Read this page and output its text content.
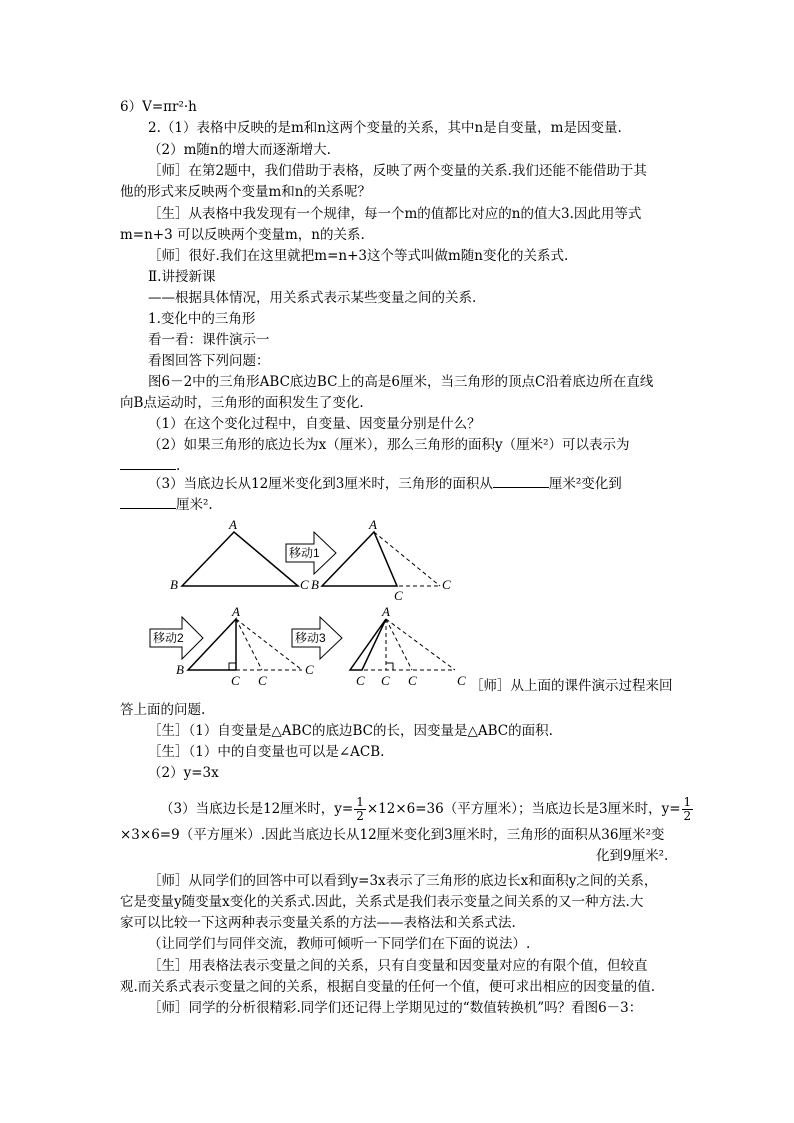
6）V=πr²·h
2.（1）表格中反映的是m和n这两个变量的关系，其中n是自变量，m是因变量.
（2）m随n的增大而逐渐增大.
［师］在第2题中，我们借助于表格，反映了两个变量的关系.我们还能不能借助于其
他的形式来反映两个变量m和n的关系呢？
［生］从表格中我发现有一个规律，每一个m的值都比对应的n的值大3.因此用等式
m=n+3 可以反映两个变量m，n的关系.
［师］很好.我们在这里就把m=n+3这个等式叫做m随n变化的关系式.
Ⅱ.讲授新课
——根据具体情况，用关系式表示某些变量之间的关系.
1.变化中的三角形
看一看：课件演示一
看图回答下列问题：
图6－2中的三角形ABC底边BC上的高是6厘米，当三角形的顶点C沿着底边所在直线
向B点运动时，三角形的面积发生了变化.
（1）在这个变化过程中，自变量、因变量分别是什么？
（2）如果三角形的底边长为x（厘米），那么三角形的面积y（厘米²）可以表示为
.
（3）当底边长从12厘米变化到3厘米时，三角形的面积从	厘米²变化到
厘米².
A
B	C
移动1
A
B
C
C
移动2
A
B
C C
C
移动3
A
C C C	C ［师］从上面的课件演示过程来回
答上面的问题.
［生］（1）自变量是△ABC的底边BC的长，因变量是△ABC的面积.
［生］（1）中的自变量也可以是∠ACB.
（2）y=3x
（3）当底边长是12厘米时，$y= \frac{1}{2} \times 12\times 6=36$（平方厘米）；当底边长是3厘米时，$y= \frac{1}{2}$
×3×6=9（平方厘米）.因此当底边长从12厘米变化到3厘米时，三角形的面积从36厘米²变
化到9厘米².
［师］从同学们的回答中可以看到y=3x表示了三角形的底边长x和面积y之间的关系，
它是变量y随变量x变化的关系式.因此，关系式是我们表示变量之间关系的又一种方法.大
家可以比较一下这两种表示变量关系的方法——表格法和关系式法.
（让同学们与同伴交流，教师可倾听一下同学们在下面的说法）.
［生］用表格法表示变量之间的关系，只有自变量和因变量对应的有限个值，但较直
观.而关系式表示变量之间的关系，根据自变量的任何一个值，便可求出相应的因变量的值.
［师］同学的分析很精彩.同学们还记得上学期见过的“数值转换机”吗？看图6－3：
